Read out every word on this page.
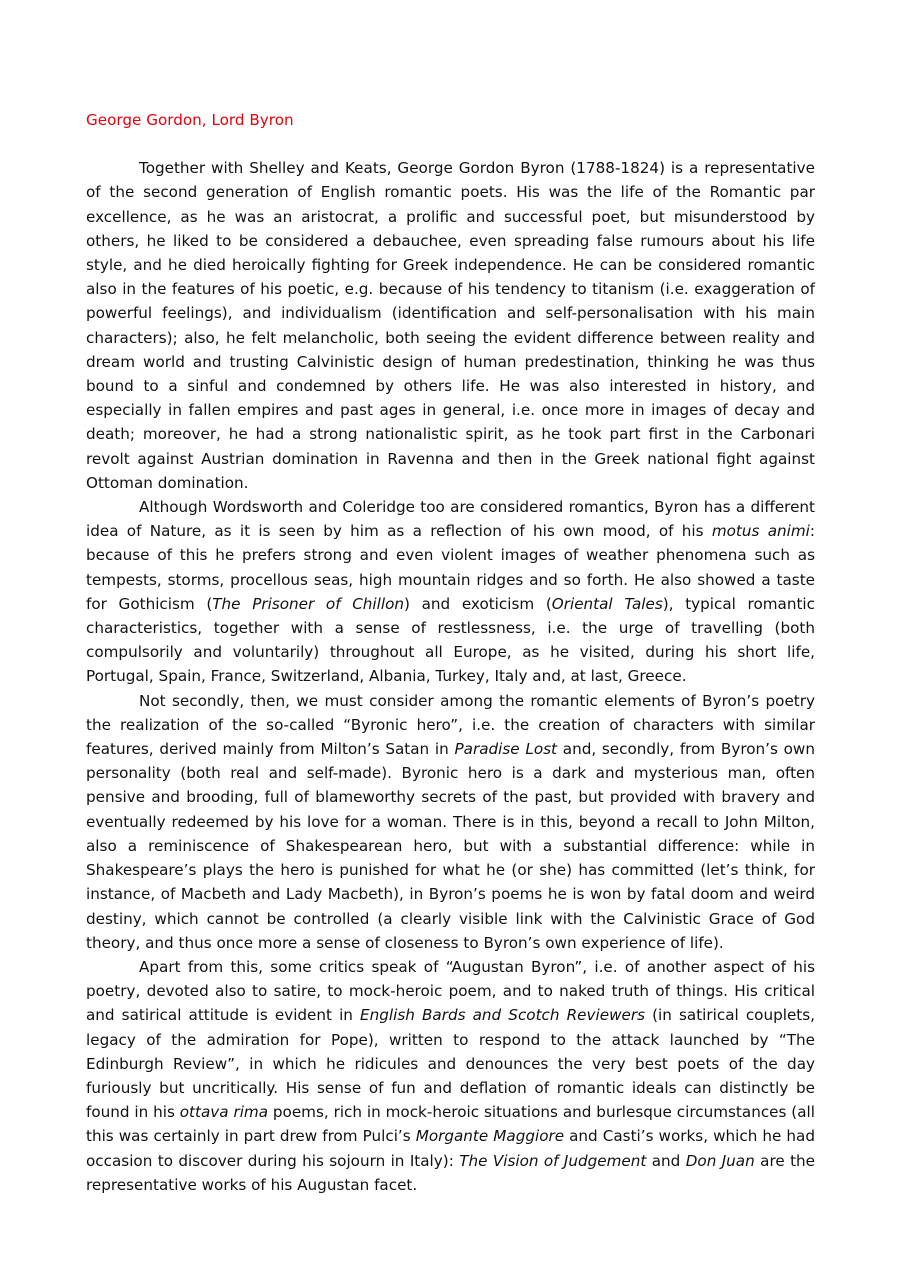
George Gordon, Lord Byron

Together with Shelley and Keats, George Gordon Byron (1788-1824) is a representative of the second generation of English romantic poets. His was the life of the Romantic par excellence, as he was an aristocrat, a prolific and successful poet, but misunderstood by others, he liked to be considered a debauchee, even spreading false rumours about his life style, and he died heroically fighting for Greek independence. He can be considered romantic also in the features of his poetic, e.g. because of his tendency to titanism (i.e. exaggeration of powerful feelings), and individualism (identification and self-personalisation with his main characters); also, he felt melancholic, both seeing the evident difference between reality and dream world and trusting Calvinistic design of human predestination, thinking he was thus bound to a sinful and condemned by others life. He was also interested in history, and especially in fallen empires and past ages in general, i.e. once more in images of decay and death; moreover, he had a strong nationalistic spirit, as he took part first in the Carbonari revolt against Austrian domination in Ravenna and then in the Greek national fight against Ottoman domination.

Although Wordsworth and Coleridge too are considered romantics, Byron has a different idea of Nature, as it is seen by him as a reflection of his own mood, of his motus animi: because of this he prefers strong and even violent images of weather phenomena such as tempests, storms, procellous seas, high mountain ridges and so forth. He also showed a taste for Gothicism (The Prisoner of Chillon) and exoticism (Oriental Tales), typical romantic characteristics, together with a sense of restlessness, i.e. the urge of travelling (both compulsorily and voluntarily) throughout all Europe, as he visited, during his short life, Portugal, Spain, France, Switzerland, Albania, Turkey, Italy and, at last, Greece.

Not secondly, then, we must consider among the romantic elements of Byron’s poetry the realization of the so-called “Byronic hero”, i.e. the creation of characters with similar features, derived mainly from Milton’s Satan in Paradise Lost and, secondly, from Byron’s own personality (both real and self-made). Byronic hero is a dark and mysterious man, often pensive and brooding, full of blameworthy secrets of the past, but provided with bravery and eventually redeemed by his love for a woman. There is in this, beyond a recall to John Milton, also a reminiscence of Shakespearean hero, but with a substantial difference: while in Shakespeare’s plays the hero is punished for what he (or she) has committed (let’s think, for instance, of Macbeth and Lady Macbeth), in Byron’s poems he is won by fatal doom and weird destiny, which cannot be controlled (a clearly visible link with the Calvinistic Grace of God theory, and thus once more a sense of closeness to Byron’s own experience of life).

Apart from this, some critics speak of “Augustan Byron”, i.e. of another aspect of his poetry, devoted also to satire, to mock-heroic poem, and to naked truth of things. His critical and satirical attitude is evident in English Bards and Scotch Reviewers (in satirical couplets, legacy of the admiration for Pope), written to respond to the attack launched by “The Edinburgh Review”, in which he ridicules and denounces the very best poets of the day furiously but uncritically. His sense of fun and deflation of romantic ideals can distinctly be found in his ottava rima poems, rich in mock-heroic situations and burlesque circumstances (all this was certainly in part drew from Pulci’s Morgante Maggiore and Casti’s works, which he had occasion to discover during his sojourn in Italy): The Vision of Judgement and Don Juan are the representative works of his Augustan facet.
